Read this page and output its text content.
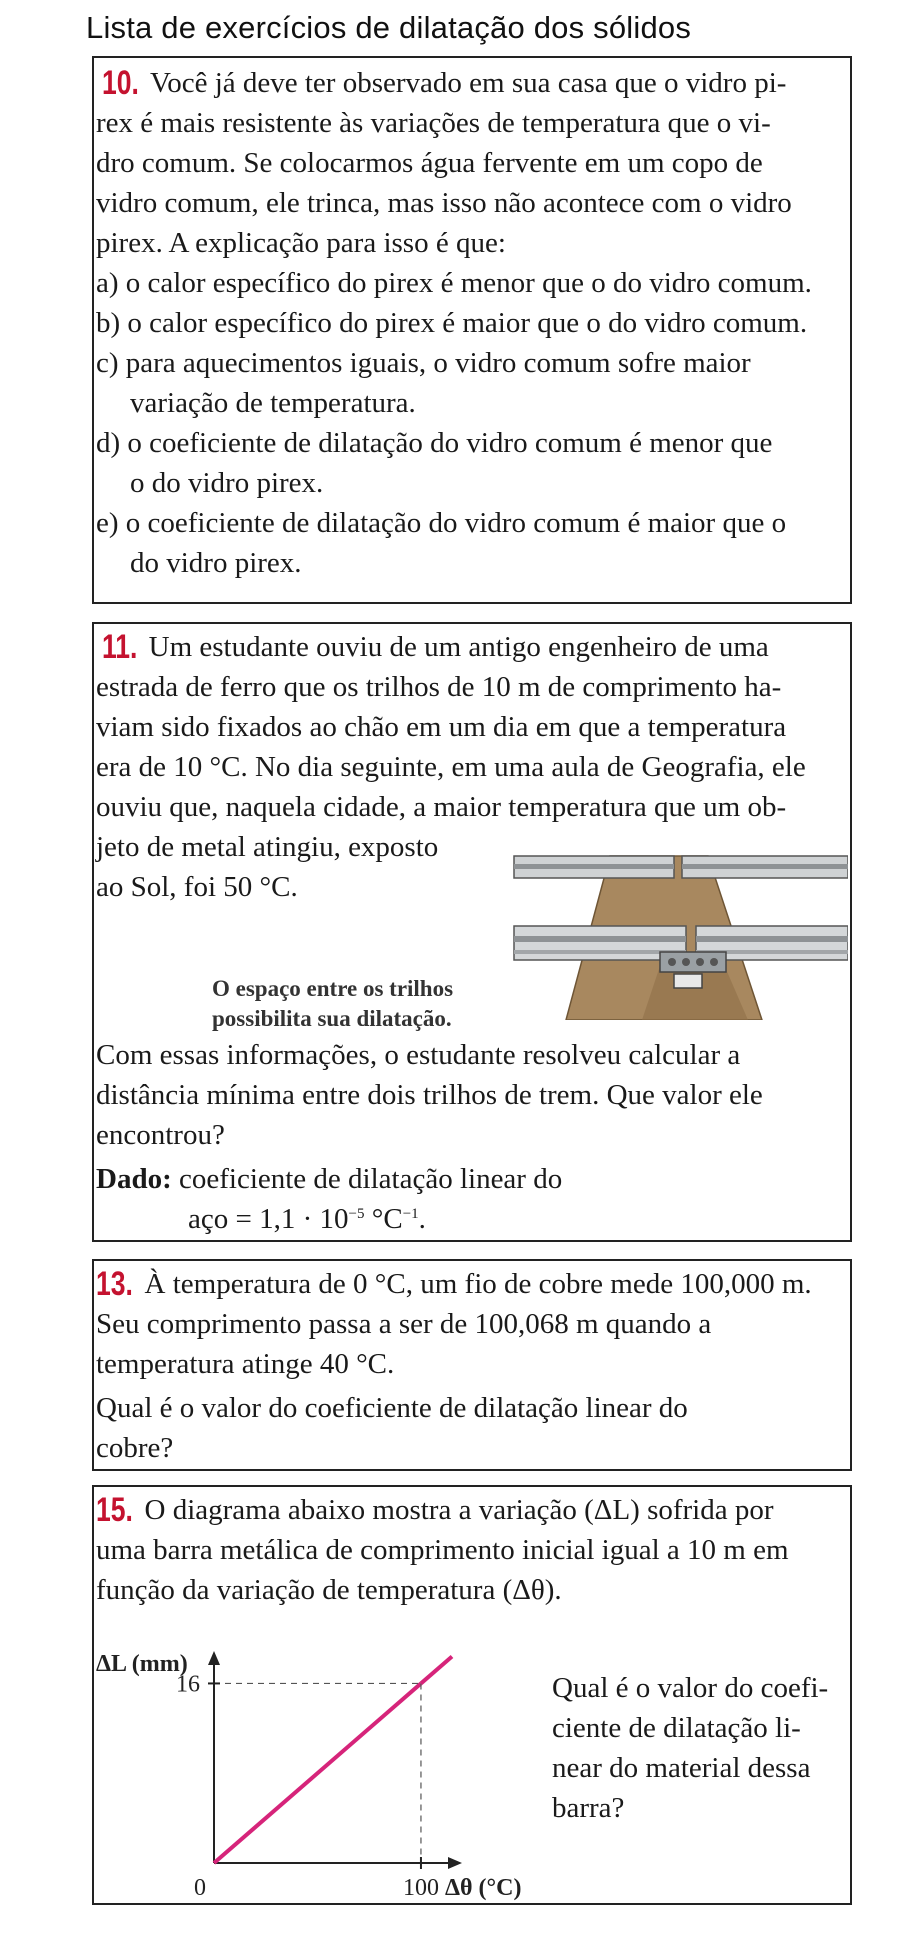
Lista de exercícios de dilatação dos sólidos
10. Você já deve ter observado em sua casa que o vidro pi-
rex é mais resistente às variações de temperatura que o vi-
dro comum. Se colocarmos água fervente em um copo de
vidro comum, ele trinca, mas isso não acontece com o vidro
pirex. A explicação para isso é que:
a) o calor específico do pirex é menor que o do vidro comum.
b) o calor específico do pirex é maior que o do vidro comum.
c) para aquecimentos iguais, o vidro comum sofre maior
variação de temperatura.
d) o coeficiente de dilatação do vidro comum é menor que
o do vidro pirex.
e) o coeficiente de dilatação do vidro comum é maior que o
do vidro pirex.
11. Um estudante ouviu de um antigo engenheiro de uma
estrada de ferro que os trilhos de 10 m de comprimento ha-
viam sido fixados ao chão em um dia em que a temperatura
era de 10 °C. No dia seguinte, em uma aula de Geografia, ele
ouviu que, naquela cidade, a maior temperatura que um ob-
jeto de metal atingiu, exposto
ao Sol, foi 50 °C.
O espaço entre os trilhos
possibilita sua dilatação.
Com essas informações, o estudante resolveu calcular a
distância mínima entre dois trilhos de trem. Que valor ele
encontrou?
Dado: coeficiente de dilatação linear do
aço = $1,1 \cdot 10^{-5}$ $^\circ C^{-1}$.
13. À temperatura de 0 °C, um fio de cobre mede 100,000 m.
Seu comprimento passa a ser de 100,068 m quando a
temperatura atinge 40 °C.
Qual é o valor do coeficiente de dilatação linear do
cobre?
15. O diagrama abaixo mostra a variação (ΔL) sofrida por
uma barra metálica de comprimento inicial igual a 10 m em
função da variação de temperatura (Δθ).
16
0	100
ΔL (mm)
Δθ (°C)
Qual é o valor do coefi-
ciente de dilatação li-
near do material dessa
barra?
